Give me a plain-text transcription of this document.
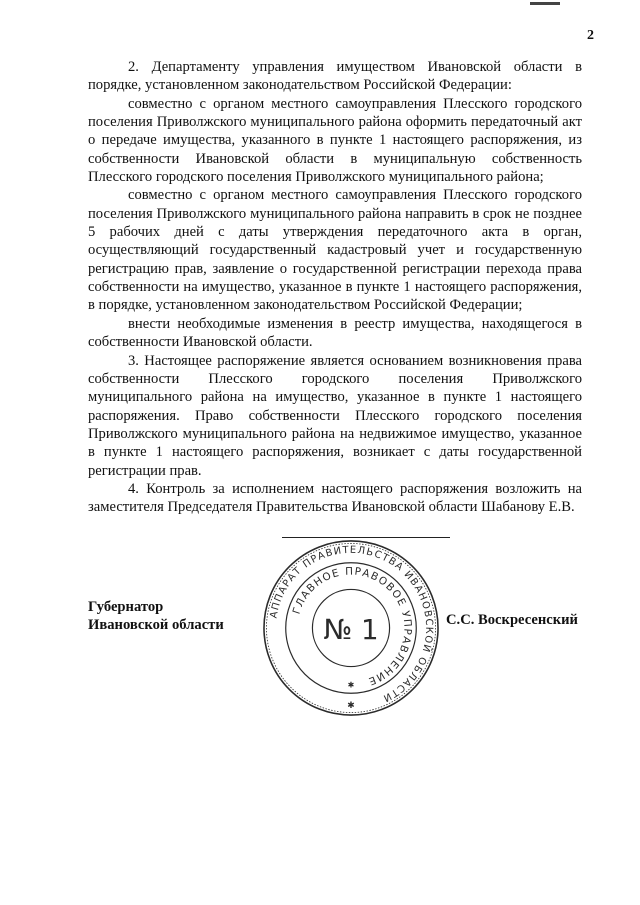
2

2. Департаменту управления имуществом Ивановской области в порядке, установленном законодательством Российской Федерации:

совместно с органом местного самоуправления Плесского городского поселения Приволжского муниципального района оформить передаточный акт о передаче имущества, указанного в пункте 1 настоящего распоряжения, из собственности Ивановской области в муниципальную собственность Плесского городского поселения Приволжского муниципального района;

совместно с органом местного самоуправления Плесского городского поселения Приволжского муниципального района направить в срок не позднее 5 рабочих дней с даты утверждения передаточного акта в орган, осуществляющий государственный кадастровый учет и государственную регистрацию прав, заявление о государственной регистрации перехода права собственности на имущество, указанное в пункте 1 настоящего распоряжения, в порядке, установленном законодательством Российской Федерации;

внести необходимые изменения в реестр имущества, находящегося в собственности Ивановской области.

3. Настоящее распоряжение является основанием возникновения права собственности Плесского городского поселения Приволжского муниципального района на имущество, указанное в пункте 1 настоящего распоряжения. Право собственности Плесского городского поселения Приволжского муниципального района на недвижимое имущество, указанное в пункте 1 настоящего распоряжения, возникает с даты государственной регистрации прав.

4. Контроль за исполнением настоящего распоряжения возложить на заместителя Председателя Правительства Ивановской области Шабанову Е.В.

АППАРАТ ПРАВИТЕЛЬСТВА ИВАНОВСКОЙ ОБЛАСТИ
ГЛАВНОЕ ПРАВОВОЕ УПРАВЛЕНИЕ
№ 1
✱
✱
Губернатор
Ивановской области	С.С. Воскресенский
